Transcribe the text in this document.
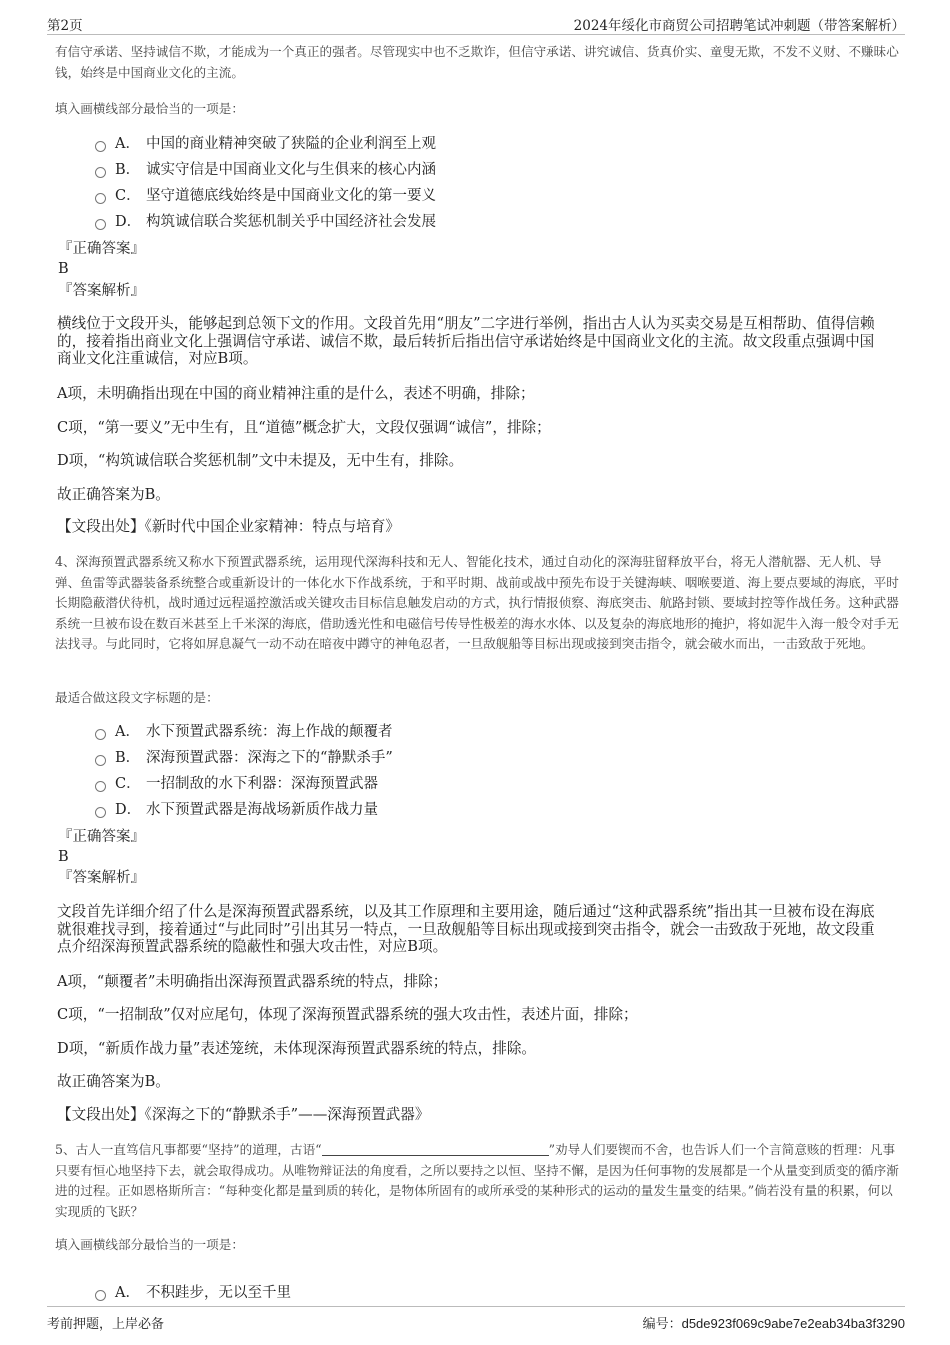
第2页	2024年绥化市商贸公司招聘笔试冲刺题（带答案解析）
有信守承诺、坚持诚信不欺，才能成为一个真正的强者。尽管现实中也不乏欺诈，但信守承诺、讲究诚信、货真价实、童叟无欺，不发不义财、不赚昧心钱，始终是中国商业文化的主流。
填入画横线部分最恰当的一项是：
A． 中国的商业精神突破了狭隘的企业利润至上观
B． 诚实守信是中国商业文化与生俱来的核心内涵
C． 坚守道德底线始终是中国商业文化的第一要义
D． 构筑诚信联合奖惩机制关乎中国经济社会发展
『正确答案』
B
『答案解析』
横线位于文段开头，能够起到总领下文的作用。文段首先用“朋友”二字进行举例，指出古人认为买卖交易是互相帮助、值得信赖的，接着指出商业文化上强调信守承诺、诚信不欺，最后转折后指出信守承诺始终是中国商业文化的主流。故文段重点强调中国商业文化注重诚信，对应B项。
A项，未明确指出现在中国的商业精神注重的是什么，表述不明确，排除；
C项，“第一要义”无中生有，且“道德”概念扩大，文段仅强调“诚信”，排除；
D项，“构筑诚信联合奖惩机制”文中未提及，无中生有，排除。
故正确答案为B。
【文段出处】《新时代中国企业家精神：特点与培育》
4、深海预置武器系统又称水下预置武器系统，运用现代深海科技和无人、智能化技术，通过自动化的深海驻留释放平台，将无人潜航器、无人机、导弹、鱼雷等武器装备系统整合或重新设计的一体化水下作战系统，于和平时期、战前或战中预先布设于关键海峡、咽喉要道、海上要点要域的海底，平时长期隐蔽潜伏待机，战时通过远程遥控激活或关键攻击目标信息触发启动的方式，执行情报侦察、海底突击、航路封锁、要域封控等作战任务。这种武器系统一旦被布设在数百米甚至上千米深的海底，借助透光性和电磁信号传导性极差的海水水体、以及复杂的海底地形的掩护，将如泥牛入海一般令对手无法找寻。与此同时，它将如屏息凝气一动不动在暗夜中蹲守的神龟忍者，一旦敌舰船等目标出现或接到突击指令，就会破水而出，一击致敌于死地。
最适合做这段文字标题的是：
A． 水下预置武器系统：海上作战的颠覆者
B． 深海预置武器：深海之下的“静默杀手”
C． 一招制敌的水下利器：深海预置武器
D． 水下预置武器是海战场新质作战力量
『正确答案』
B
『答案解析』
文段首先详细介绍了什么是深海预置武器系统，以及其工作原理和主要用途，随后通过“这种武器系统”指出其一旦被布设在海底就很难找寻到，接着通过“与此同时”引出其另一特点，一旦敌舰船等目标出现或接到突击指令，就会一击致敌于死地，故文段重点介绍深海预置武器系统的隐蔽性和强大攻击性，对应B项。
A项，“颠覆者”未明确指出深海预置武器系统的特点，排除；
C项，“一招制敌”仅对应尾句，体现了深海预置武器系统的强大攻击性，表述片面，排除；
D项，“新质作战力量”表述笼统，未体现深海预置武器系统的特点，排除。
故正确答案为B。
【文段出处】《深海之下的“静默杀手”——深海预置武器》
5、古人一直笃信凡事都要“坚持”的道理，古语“	”劝导人们要锲而不舍，也告诉人们一个言简意赅的哲理：凡事只要有恒心地坚持下去，就会取得成功。从唯物辩证法的角度看，之所以要持之以恒、坚持不懈，是因为任何事物的发展都是一个从量变到质变的循序渐进的过程。正如恩格斯所言：“每种变化都是量到质的转化，是物体所固有的或所承受的某种形式的运动的量发生量变的结果。”倘若没有量的积累，何以实现质的飞跃？
填入画横线部分最恰当的一项是：
A． 不积跬步，无以至千里
考前押题，上岸必备	编号：d5de923f069c9abe7e2eab34ba3f3290
